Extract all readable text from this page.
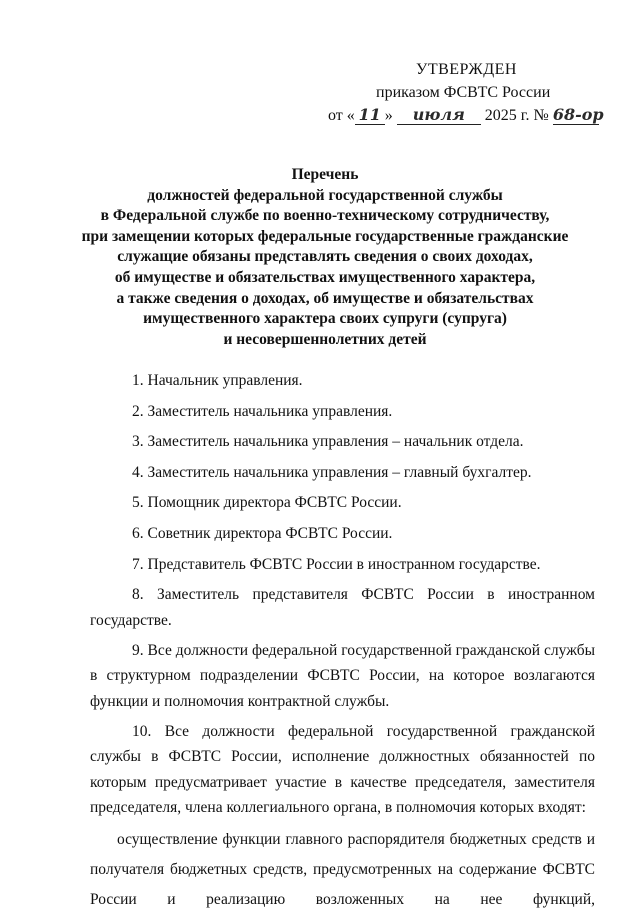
УТВЕРЖДЕН
приказом ФСВТС России
от « 11 » июля 2025 г. № 68-ор
Перечень
должностей федеральной государственной службы
в Федеральной службе по военно-техническому сотрудничеству,
при замещении которых федеральные государственные гражданские
служащие обязаны представлять сведения о своих доходах,
об имуществе и обязательствах имущественного характера,
а также сведения о доходах, об имуществе и обязательствах
имущественного характера своих супруги (супруга)
и несовершеннолетних детей
1. Начальник управления.
2. Заместитель начальника управления.
3. Заместитель начальника управления – начальник отдела.
4. Заместитель начальника управления – главный бухгалтер.
5. Помощник директора ФСВТС России.
6. Советник директора ФСВТС России.
7. Представитель ФСВТС России в иностранном государстве.
8. Заместитель представителя ФСВТС России в иностранном государстве.
9. Все должности федеральной государственной гражданской службы в структурном подразделении ФСВТС России, на которое возлагаются функции и полномочия контрактной службы.
10. Все должности федеральной государственной гражданской службы в ФСВТС России, исполнение должностных обязанностей по которым предусматривает участие в качестве председателя, заместителя председателя, члена коллегиального органа, в полномочия которых входят:
осуществление функции главного распорядителя бюджетных средств и получателя бюджетных средств, предусмотренных на содержание ФСВТС России и реализацию возложенных на нее функций,
